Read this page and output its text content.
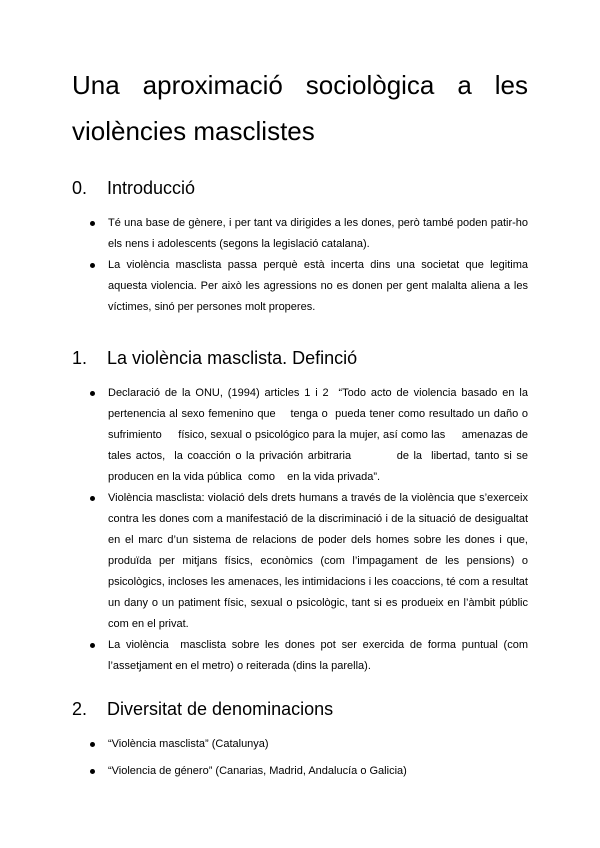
Una aproximació sociològica a les violències masclistes
0.	Introducció
Té una base de gènere, i per tant va dirigides a les dones, però també poden patir-ho els nens i adolescents (segons la legislació catalana).
La violència masclista passa perquè està incerta dins una societat que legitima aquesta violencia. Per això les agressions no es donen per gent malalta aliena a les víctimes, sinó per persones molt properes.
1.	La violència masclista. Definció
Declaració de la ONU, (1994) articles 1 i 2  “Todo acto de violencia basado en la pertenencia al sexo femenino que    tenga o  pueda tener como resultado un daño o sufrimiento     físico, sexual o psicológico para la mujer, así como las     amenazas de tales actos,  la coacción o la privación arbitraria          de la  libertad, tanto si se producen en la vida pública  como    en la vida privada”.
Violència masclista: violació dels drets humans a través de la violència que s’exerceix contra les dones com a manifestació de la discriminació i de la situació de desigualtat en el marc d’un sistema de relacions de poder dels homes sobre les dones i que, produïda per mitjans físics, econòmics (com l’impagament de les pensions) o psicològics, incloses les amenaces, les intimidacions i les coaccions, té com a resultat un dany o un patiment físic, sexual o psicològic, tant si es produeix en l’àmbit públic com en el privat.
La violència  masclista sobre les dones pot ser exercida de forma puntual (com l’assetjament en el metro) o reiterada (dins la parella).
2.	Diversitat de denominacions
“Violència masclista” (Catalunya)
“Violencia de género” (Canarias, Madrid, Andalucía o Galicia)
